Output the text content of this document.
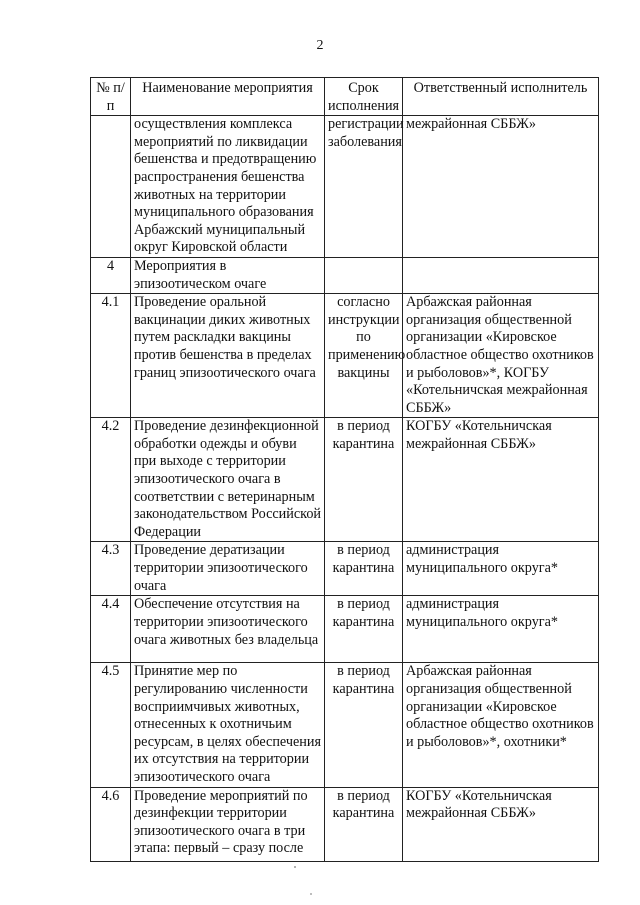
2
№ п/п	Наименование мероприятия	Срок исполнения	Ответственный исполнитель
	осуществления комплекса мероприятий по ликвидации бешенства и предотвращению распространения бешенства животных на территории муниципального образования Арбажский муниципальный округ Кировской области	регистрации заболевания	межрайонная СББЖ»
4	Мероприятия в эпизоотическом очаге		
4.1	Проведение оральной вакцинации диких животных путем раскладки вакцины против бешенства в пределах границ эпизоотического очага	согласно инструкции по применению вакцины	Арбажская районная организация общественной организации «Кировское областное общество охотников и рыболовов»*, КОГБУ «Котельничская межрайонная СББЖ»
4.2	Проведение дезинфекционной обработки одежды и обуви при выходе с территории эпизоотического очага в соответствии с ветеринарным законодательством Российской Федерации	в период карантина	КОГБУ «Котельничская межрайонная СББЖ»
4.3	Проведение дератизации территории эпизоотического очага	в период карантина	администрация муниципального округа*
4.4	Обеспечение отсутствия на территории эпизоотического очага животных без владельца	в период карантина	администрация муниципального округа*
4.5	Принятие мер по регулированию численности восприимчивых животных, отнесенных к охотничьим ресурсам, в целях обеспечения их отсутствия на территории эпизоотического очага	в период карантина	Арбажская районная организация общественной организации «Кировское областное общество охотников и рыболовов»*, охотники*
4.6	Проведение мероприятий по дезинфекции территории эпизоотического очага в три этапа: первый – сразу после	в период карантина	КОГБУ «Котельничская межрайонная СББЖ»
